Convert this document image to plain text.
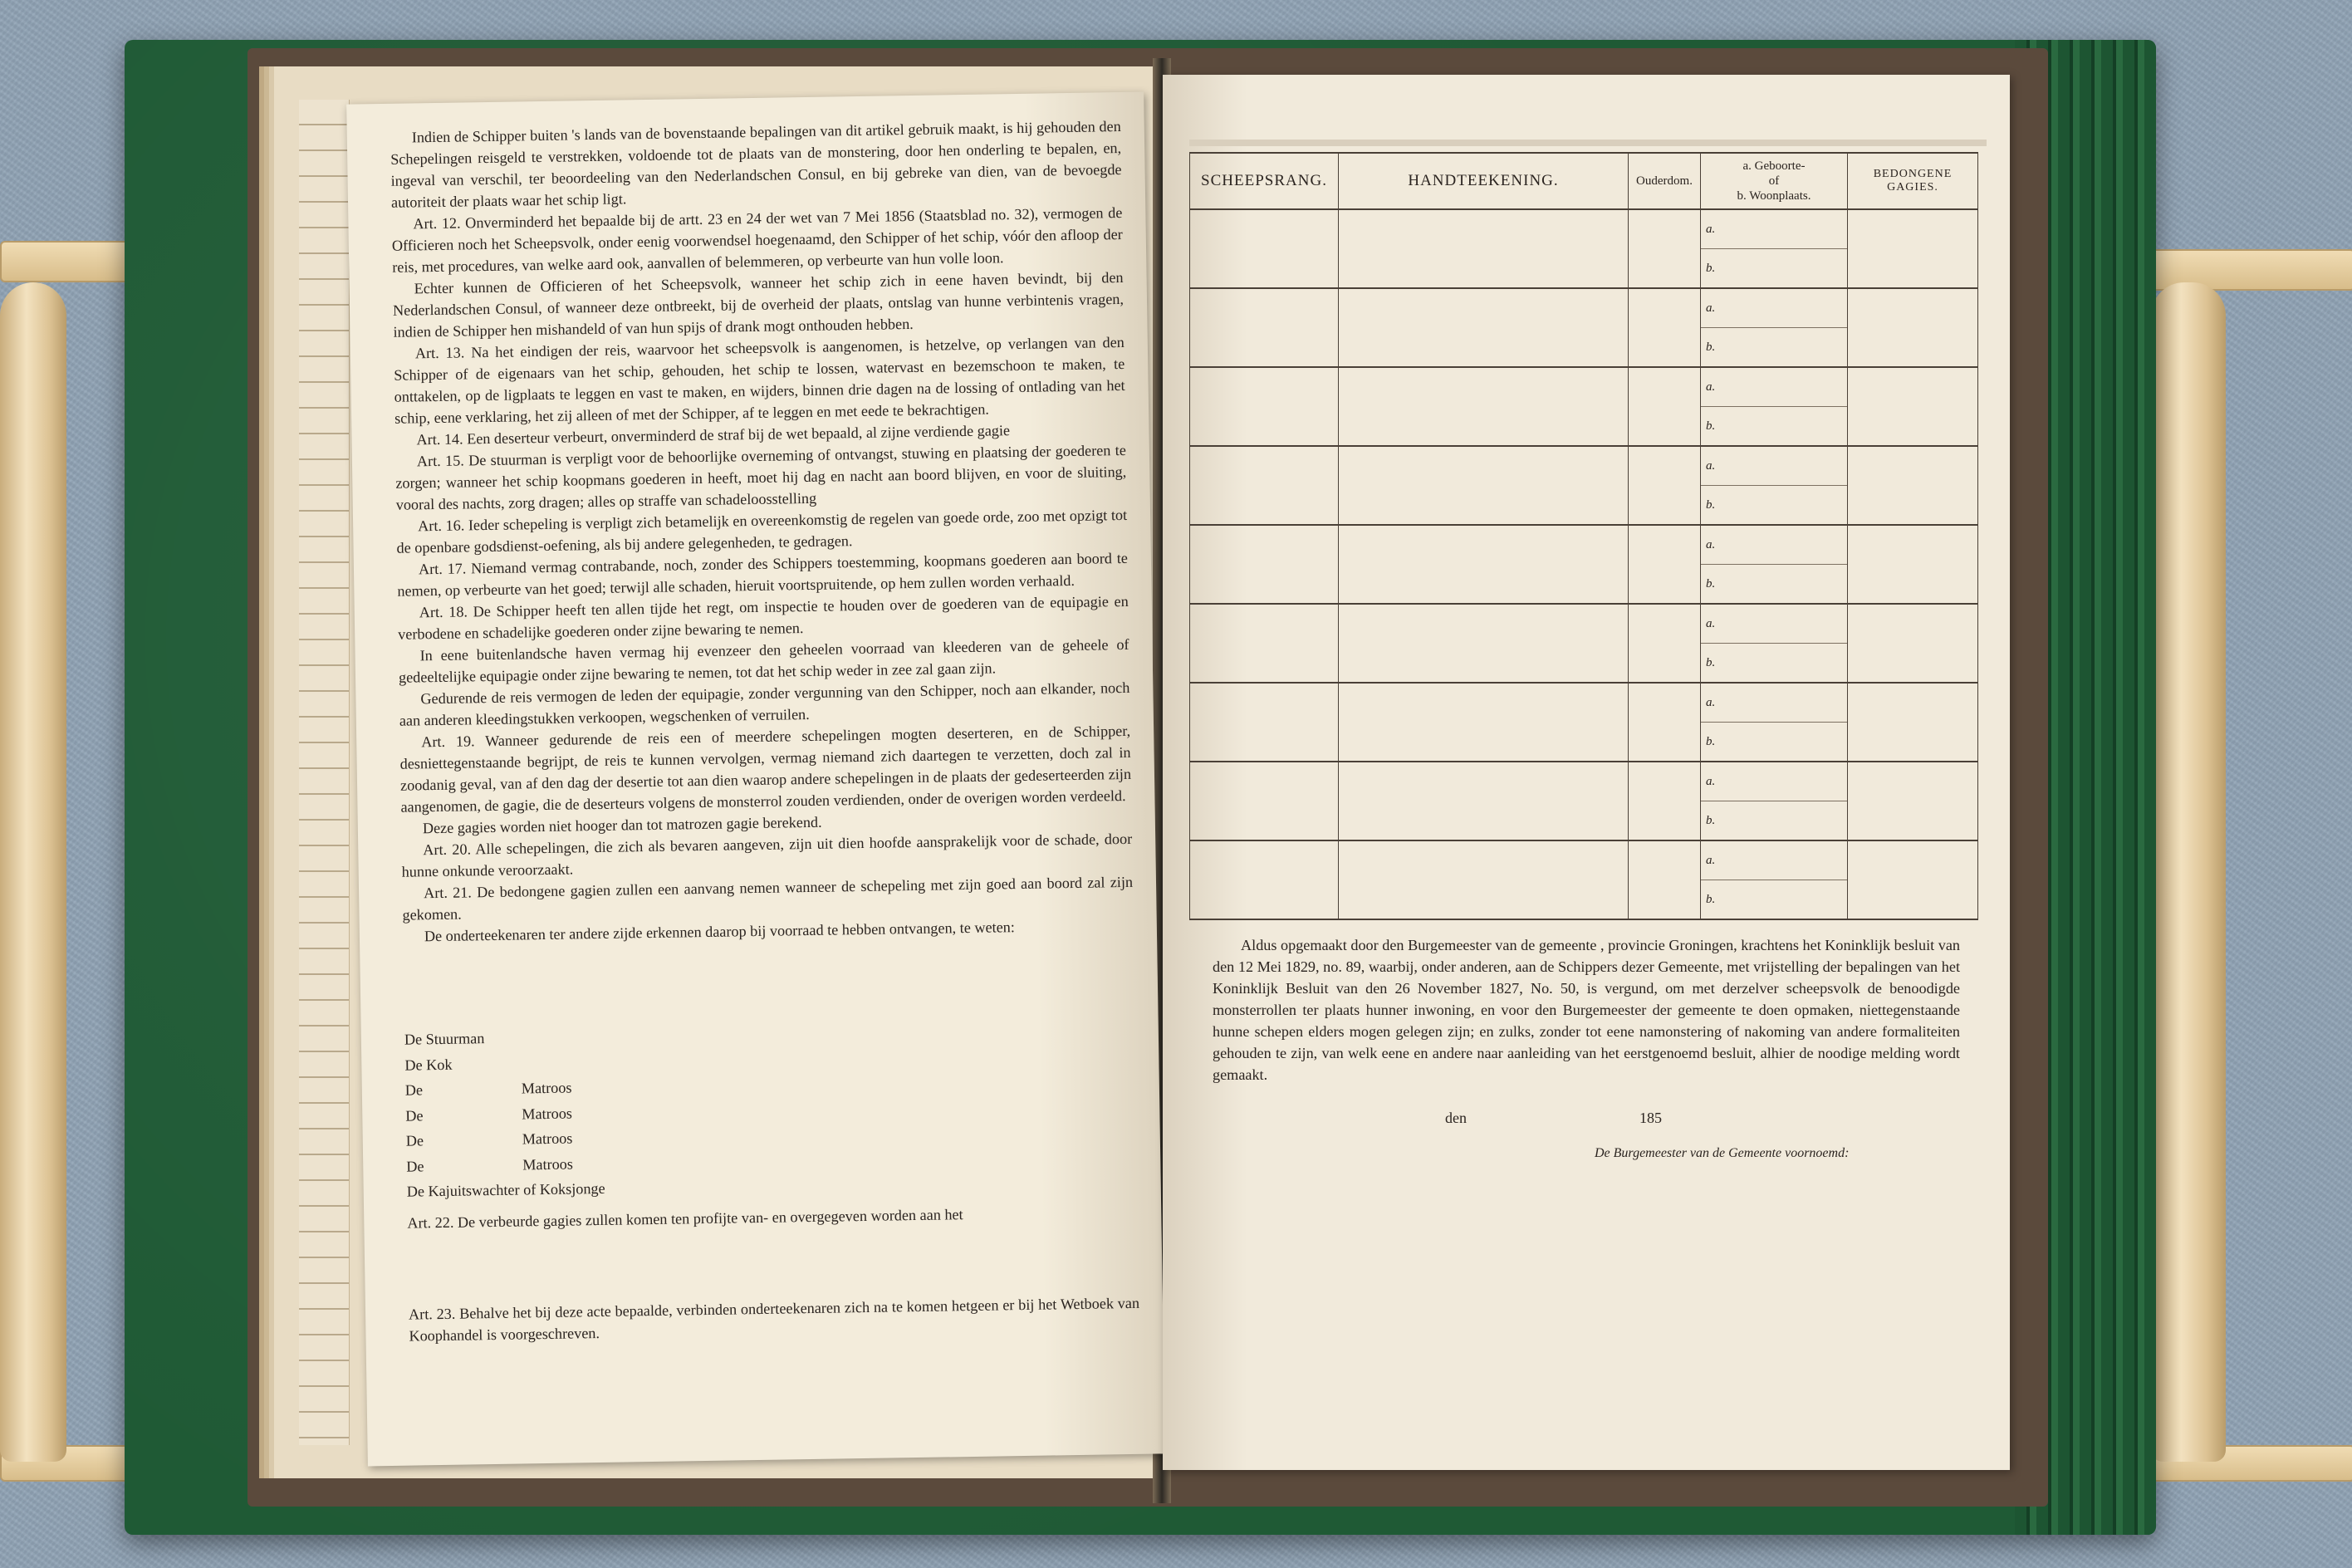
Indien de Schipper buiten 's lands van de bovenstaande bepalingen van dit artikel gebruik maakt, is hij gehouden den Schepelingen reisgeld te verstrekken, voldoende tot de plaats van de monstering, door hen onderling te bepalen, en, ingeval van verschil, ter beoordeeling van den Nederlandschen Consul, en bij gebreke van dien, van de bevoegde autoriteit der plaats waar het schip ligt.

Art. 12. Onverminderd het bepaalde bij de artt. 23 en 24 der wet van 7 Mei 1856 (Staatsblad no. 32), vermogen de Officieren noch het Scheepsvolk, onder eenig voorwendsel hoegenaamd, den Schipper of het schip, vóór den afloop der reis, met procedures, van welke aard ook, aanvallen of belemmeren, op verbeurte van hun volle loon.

Echter kunnen de Officieren of het Scheepsvolk, wanneer het schip zich in eene haven bevindt, bij den Nederlandschen Consul, of wanneer deze ontbreekt, bij de overheid der plaats, ontslag van hunne verbintenis vragen, indien de Schipper hen mishandeld of van hun spijs of drank mogt onthouden hebben.

Art. 13. Na het eindigen der reis, waarvoor het scheepsvolk is aangenomen, is hetzelve, op verlangen van den Schipper of de eigenaars van het schip, gehouden, het schip te lossen, watervast en bezemschoon te maken, te onttakelen, op de ligplaats te leggen en vast te maken, en wijders, binnen drie dagen na de lossing of ontlading van het schip, eene verklaring, het zij alleen of met der Schipper, af te leggen en met eede te bekrachtigen.

Art. 14. Een deserteur verbeurt, onverminderd de straf bij de wet bepaald, al zijne verdiende gagie

Art. 15. De stuurman is verpligt voor de behoorlijke overneming of ontvangst, stuwing en plaatsing der goederen te zorgen; wanneer het schip koopmans goederen in heeft, moet hij dag en nacht aan boord blijven, en voor de sluiting, vooral des nachts, zorg dragen; alles op straffe van schadeloosstelling

Art. 16. Ieder schepeling is verpligt zich betamelijk en overeenkomstig de regelen van goede orde, zoo met opzigt tot de openbare godsdienst-oefening, als bij andere gelegenheden, te gedragen.

Art. 17. Niemand vermag contrabande, noch, zonder des Schippers toestemming, koopmans goederen aan boord te nemen, op verbeurte van het goed; terwijl alle schaden, hieruit voortspruitende, op hem zullen worden verhaald.

Art. 18. De Schipper heeft ten allen tijde het regt, om inspectie te houden over de goederen van de equipagie en verbodene en schadelijke goederen onder zijne bewaring te nemen.

In eene buitenlandsche haven vermag hij evenzeer den geheelen voorraad van kleederen van de geheele of gedeeltelijke equipagie onder zijne bewaring te nemen, tot dat het schip weder in zee zal gaan zijn.

Gedurende de reis vermogen de leden der equipagie, zonder vergunning van den Schipper, noch aan elkander, noch aan anderen kleedingstukken verkoopen, wegschenken of verruilen.

Art. 19. Wanneer gedurende de reis een of meerdere schepelingen mogten deserteren, en de Schipper, desniettegenstaande begrijpt, de reis te kunnen vervolgen, vermag niemand zich daartegen te verzetten, doch zal in zoodanig geval, van af den dag der desertie tot aan dien waarop andere schepelingen in de plaats der gedeserteerden zijn aangenomen, de gagie, die de deserteurs volgens de monsterrol zouden verdienden, onder de overigen worden verdeeld.

Deze gagies worden niet hooger dan tot matrozen gagie berekend.

Art. 20. Alle schepelingen, die zich als bevaren aangeven, zijn uit dien hoofde aansprakelijk voor de schade, door hunne onkunde veroorzaakt.

Art. 21. De bedongene gagien zullen een aanvang nemen wanneer de schepeling met zijn goed aan boord zal zijn gekomen.

De onderteekenaren ter andere zijde erkennen daarop bij voorraad te hebben ontvangen, te weten:

De
Stuurman
De
Kok
De	Matroos
De	Matroos
De	Matroos
De	Matroos
De
Kajuitswachter of Koksjonge
Art. 22. De verbeurde gagies zullen komen ten profijte van- en overgegeven worden aan het
Art. 23. Behalve het bij deze acte bepaalde, verbinden onderteekenaren zich na te komen hetgeen er bij het Wetboek van Koophandel is voorgeschreven.
SCHEEPSRANG.	HANDTEEKENING.	Ouderdom.	a. Geboorte-
of
b. Woonplaats.	BEDONGENE GAGIES.

			a.
b.	

			a.
b.	

			a.
b.	

			a.
b.	

			a.
b.	

			a.
b.	

			a.
b.	

			a.
b.	

			a.
b.	

Aldus opgemaakt door den Burgemeester van de gemeente , provincie Groningen, krachtens het Koninklijk besluit van den 12 Mei 1829, no. 89, waarbij, onder anderen, aan de Schippers dezer Gemeente, met vrijstelling der bepalingen van het Koninklijk Besluit van den 26 November 1827, No. 50, is vergund, om met derzelver scheepsvolk de benoodigde monsterrollen ter plaats hunner inwoning, en voor den Burgemeester der gemeente te doen opmaken, niettegenstaande hunne schepen elders mogen gelegen zijn; en zulks, zonder tot eene namonstering of nakoming van andere formaliteiten gehouden te zijn, van welk eene en andere naar aanleiding van het eerstgenoemd besluit, alhier de noodige melding wordt gemaakt.
den	185
De Burgemeester van de Gemeente voornoemd:
